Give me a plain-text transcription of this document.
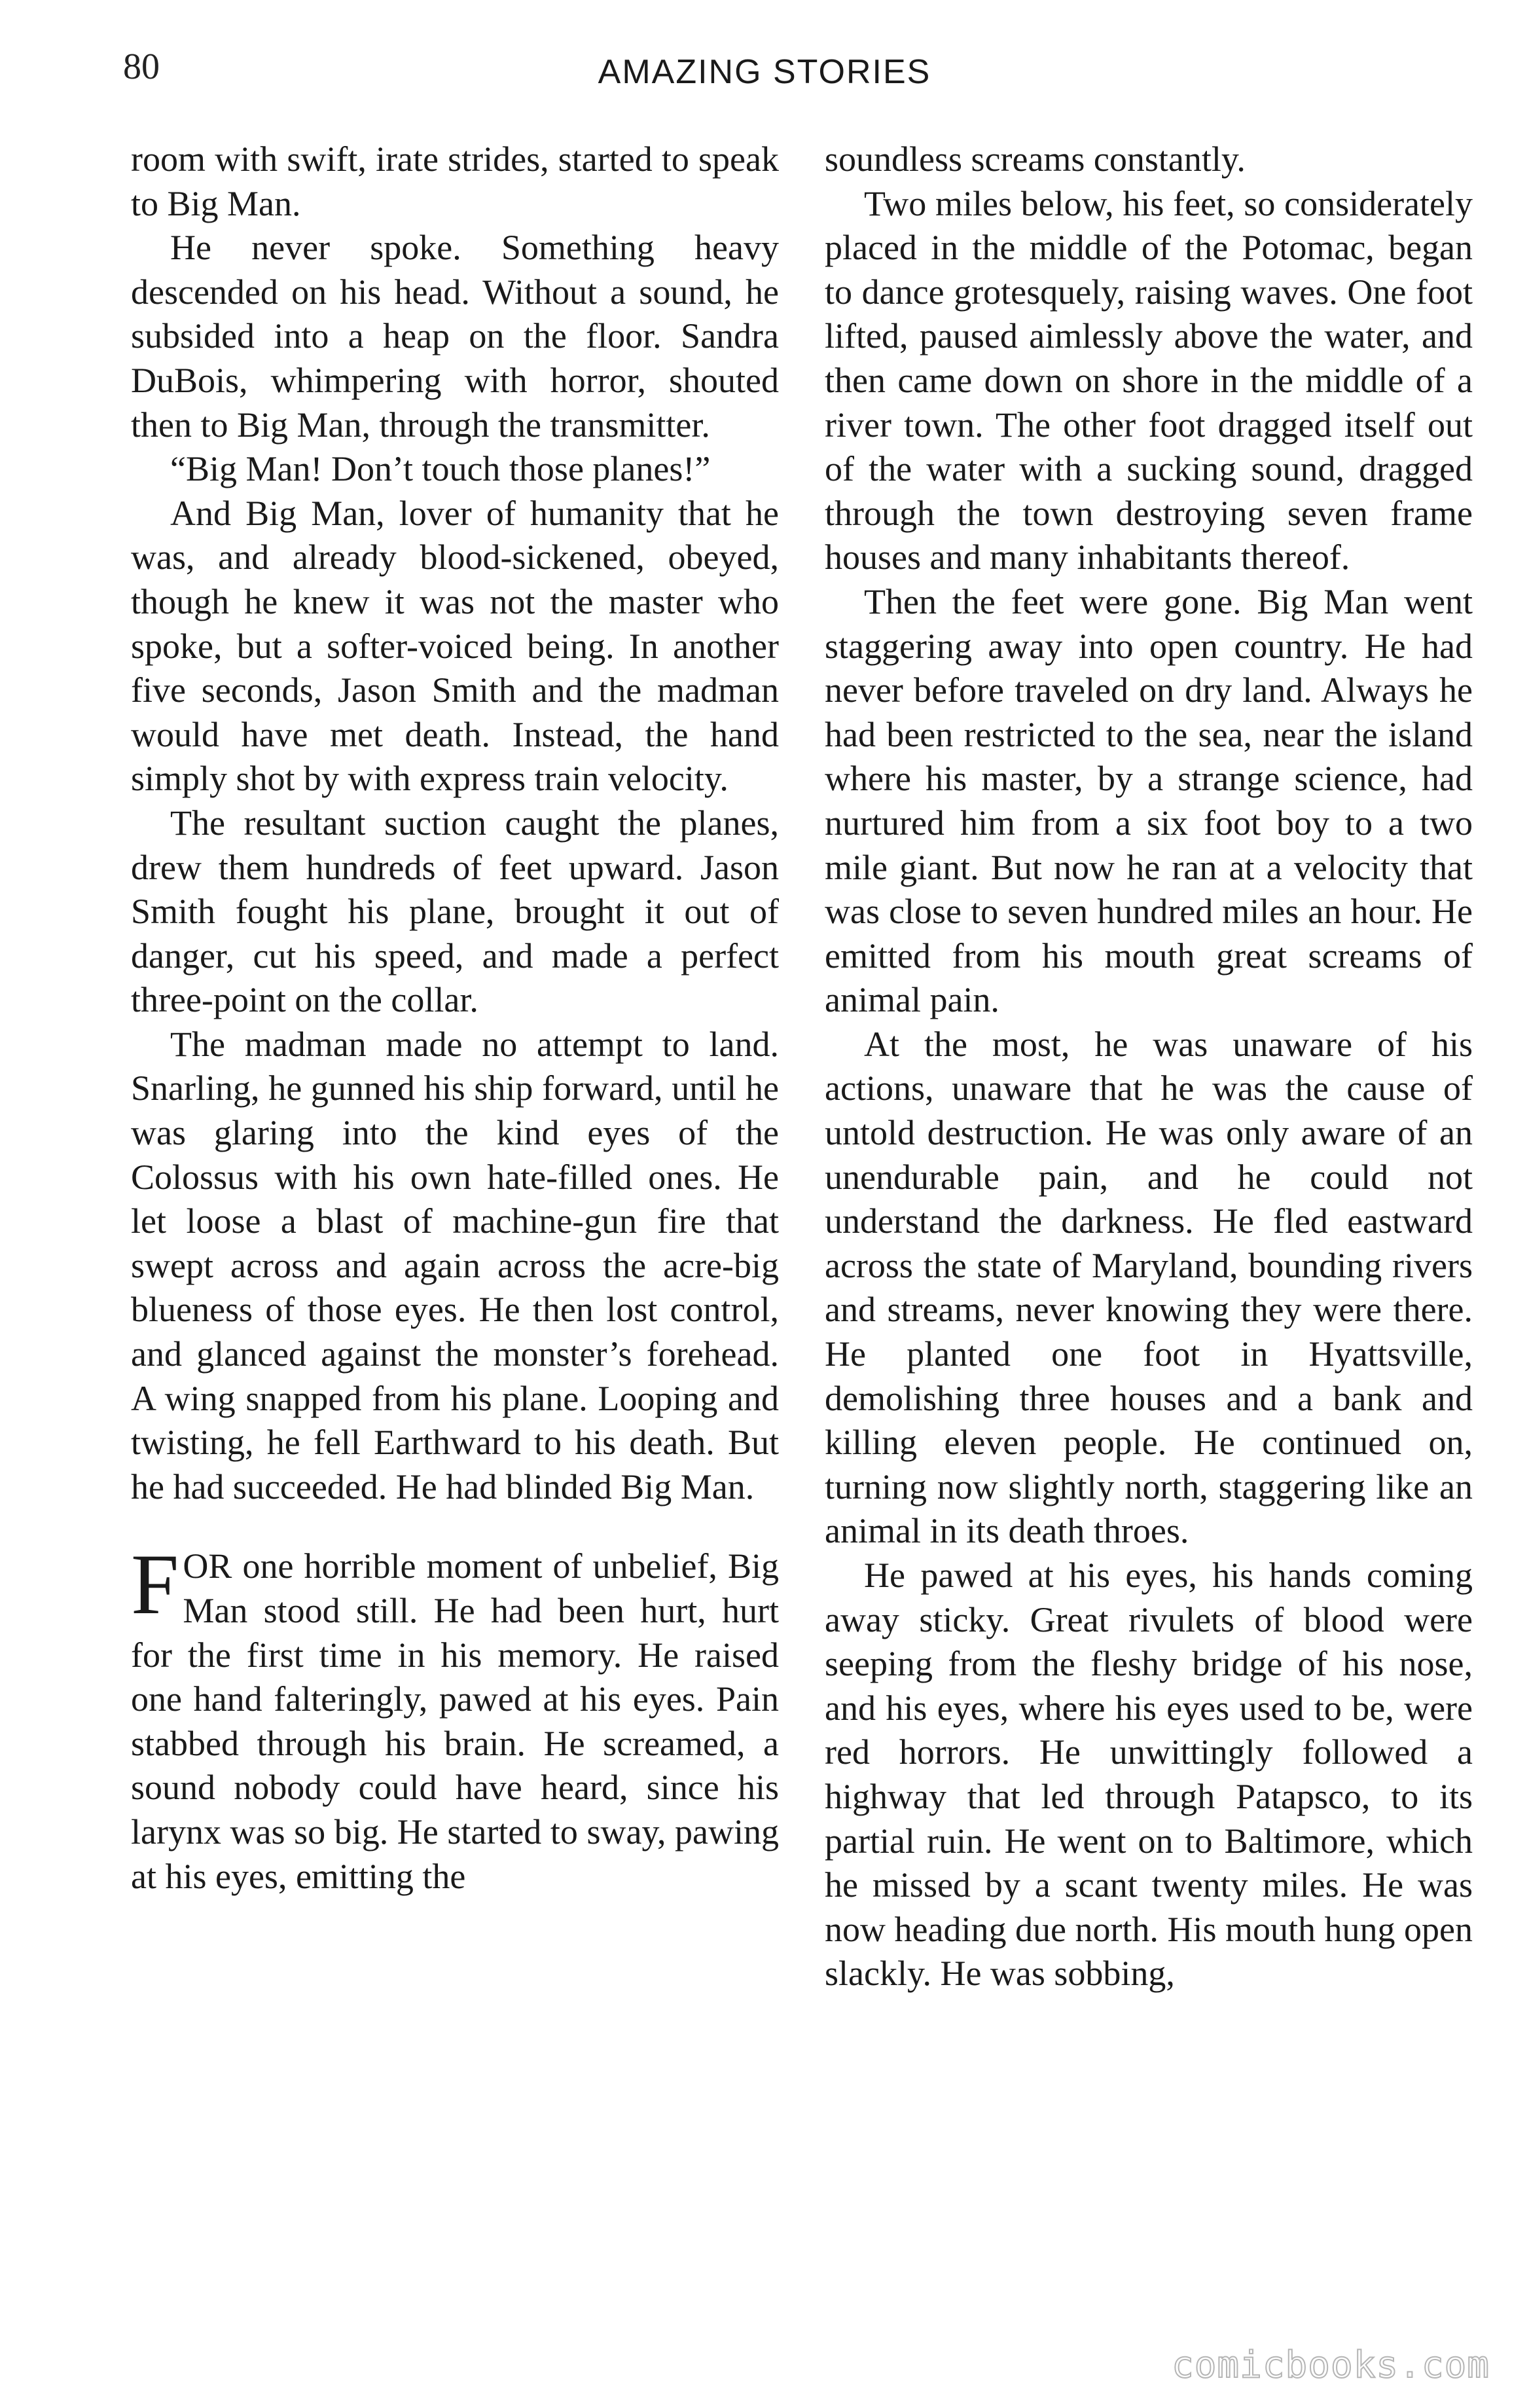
80	AMAZING STORIES

room with swift, irate strides, started to speak to Big Man.

He never spoke. Something heavy descended on his head. Without a sound, he subsided into a heap on the floor. Sandra DuBois, whimpering with horror, shouted then to Big Man, through the transmitter.

“Big Man! Don’t touch those planes!”

And Big Man, lover of humanity that he was, and already blood-sickened, obeyed, though he knew it was not the master who spoke, but a softer-voiced being. In another five seconds, Jason Smith and the madman would have met death. Instead, the hand simply shot by with express train velocity.

The resultant suction caught the planes, drew them hundreds of feet upward. Jason Smith fought his plane, brought it out of danger, cut his speed, and made a perfect three-point on the collar.

The madman made no attempt to land. Snarling, he gunned his ship forward, until he was glaring into the kind eyes of the Colossus with his own hate-filled ones. He let loose a blast of machine-gun fire that swept across and again across the acre-big blueness of those eyes. He then lost control, and glanced against the monster’s forehead. A wing snapped from his plane. Looping and twisting, he fell Earthward to his death. But he had succeeded. He had blinded Big Man.

FOR one horrible moment of unbelief, Big Man stood still. He had been hurt, hurt for the first time in his memory. He raised one hand falteringly, pawed at his eyes. Pain stabbed through his brain. He screamed, a sound nobody could have heard, since his larynx was so big. He started to sway, pawing at his eyes, emitting the

soundless screams constantly.

Two miles below, his feet, so considerately placed in the middle of the Potomac, began to dance grotesquely, raising waves. One foot lifted, paused aimlessly above the water, and then came down on shore in the middle of a river town. The other foot dragged itself out of the water with a sucking sound, dragged through the town destroying seven frame houses and many inhabitants thereof.

Then the feet were gone. Big Man went staggering away into open country. He had never before traveled on dry land. Always he had been restricted to the sea, near the island where his master, by a strange science, had nurtured him from a six foot boy to a two mile giant. But now he ran at a velocity that was close to seven hundred miles an hour. He emitted from his mouth great screams of animal pain.

At the most, he was unaware of his actions, unaware that he was the cause of untold destruction. He was only aware of an unendurable pain, and he could not understand the darkness. He fled eastward across the state of Maryland, bounding rivers and streams, never knowing they were there. He planted one foot in Hyattsville, demolishing three houses and a bank and killing eleven people. He continued on, turning now slightly north, staggering like an animal in its death throes.

He pawed at his eyes, his hands coming away sticky. Great rivulets of blood were seeping from the fleshy bridge of his nose, and his eyes, where his eyes used to be, were red horrors. He unwittingly followed a highway that led through Patapsco, to its partial ruin. He went on to Baltimore, which he missed by a scant twenty miles. He was now heading due north. His mouth hung open slackly. He was sobbing,

comicbooks.com
